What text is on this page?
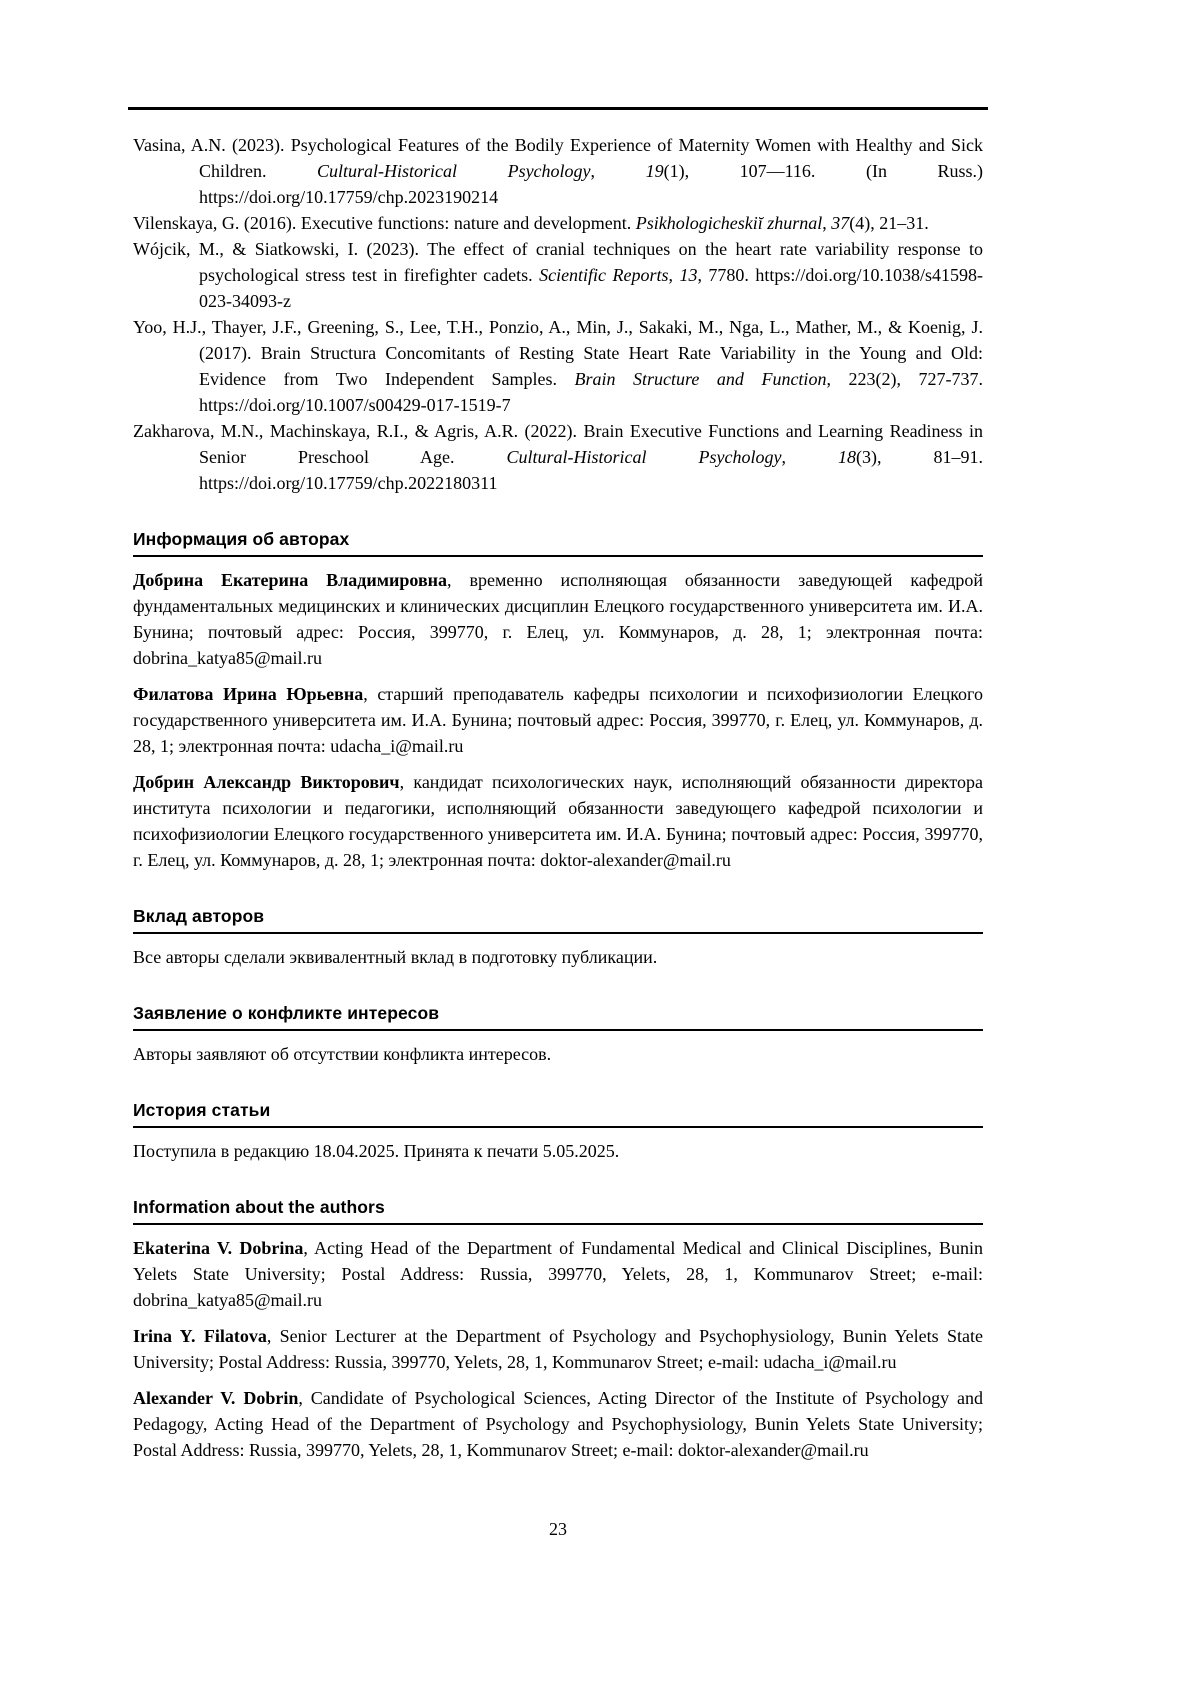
Vasina, A.N. (2023). Psychological Features of the Bodily Experience of Maternity Women with Healthy and Sick Children. Cultural-Historical Psychology, 19(1), 107—116. (In Russ.) https://doi.org/10.17759/chp.2023190214

Vilenskaya, G. (2016). Executive functions: nature and development. Psikhologicheskiĭ zhurnal, 37(4), 21–31.

Wójcik, M., & Siatkowski, I. (2023). The effect of cranial techniques on the heart rate variability response to psychological stress test in firefighter cadets. Scientific Reports, 13, 7780. https://doi.org/10.1038/s41598-023-34093-z

Yoo, H.J., Thayer, J.F., Greening, S., Lee, T.H., Ponzio, A., Min, J., Sakaki, M., Nga, L., Mather, M., & Koenig, J. (2017). Brain Structura Concomitants of Resting State Heart Rate Variability in the Young and Old: Evidence from Two Independent Samples. Brain Structure and Function, 223(2), 727-737. https://doi.org/10.1007/s00429-017-1519-7

Zakharova, M.N., Machinskaya, R.I., & Agris, A.R. (2022). Brain Executive Functions and Learning Readiness in Senior Preschool Age. Cultural-Historical Psychology, 18(3), 81–91. https://doi.org/10.17759/chp.2022180311

Информация об авторах

Добрина Екатерина Владимировна, временно исполняющая обязанности заведующей кафедрой фундаментальных медицинских и клинических дисциплин Елецкого государственного университета им. И.А. Бунина; почтовый адрес: Россия, 399770, г. Елец, ул. Коммунаров, д. 28, 1; электронная почта: dobrina_katya85@mail.ru

Филатова Ирина Юрьевна, старший преподаватель кафедры психологии и психофизиологии Елецкого государственного университета им. И.А. Бунина; почтовый адрес: Россия, 399770, г. Елец, ул. Коммунаров, д. 28, 1; электронная почта: udacha_i@mail.ru

Добрин Александр Викторович, кандидат психологических наук, исполняющий обязанности директора института психологии и педагогики, исполняющий обязанности заведующего кафедрой психологии и психофизиологии Елецкого государственного университета им. И.А. Бунина; почтовый адрес: Россия, 399770, г. Елец, ул. Коммунаров, д. 28, 1; электронная почта: doktor-alexander@mail.ru

Вклад авторов

Все авторы сделали эквивалентный вклад в подготовку публикации.

Заявление о конфликте интересов

Авторы заявляют об отсутствии конфликта интересов.

История статьи

Поступила в редакцию 18.04.2025. Принята к печати 5.05.2025.

Information about the authors

Ekaterina V. Dobrina, Acting Head of the Department of Fundamental Medical and Clinical Disciplines, Bunin Yelets State University; Postal Address: Russia, 399770, Yelets, 28, 1, Kommunarov Street; e-mail: dobrina_katya85@mail.ru

Irina Y. Filatova, Senior Lecturer at the Department of Psychology and Psychophysiology, Bunin Yelets State University; Postal Address: Russia, 399770, Yelets, 28, 1, Kommunarov Street; e-mail: udacha_i@mail.ru

Alexander V. Dobrin, Candidate of Psychological Sciences, Acting Director of the Institute of Psychology and Pedagogy, Acting Head of the Department of Psychology and Psychophysiology, Bunin Yelets State University; Postal Address: Russia, 399770, Yelets, 28, 1, Kommunarov Street; e-mail: doktor-alexander@mail.ru

23
